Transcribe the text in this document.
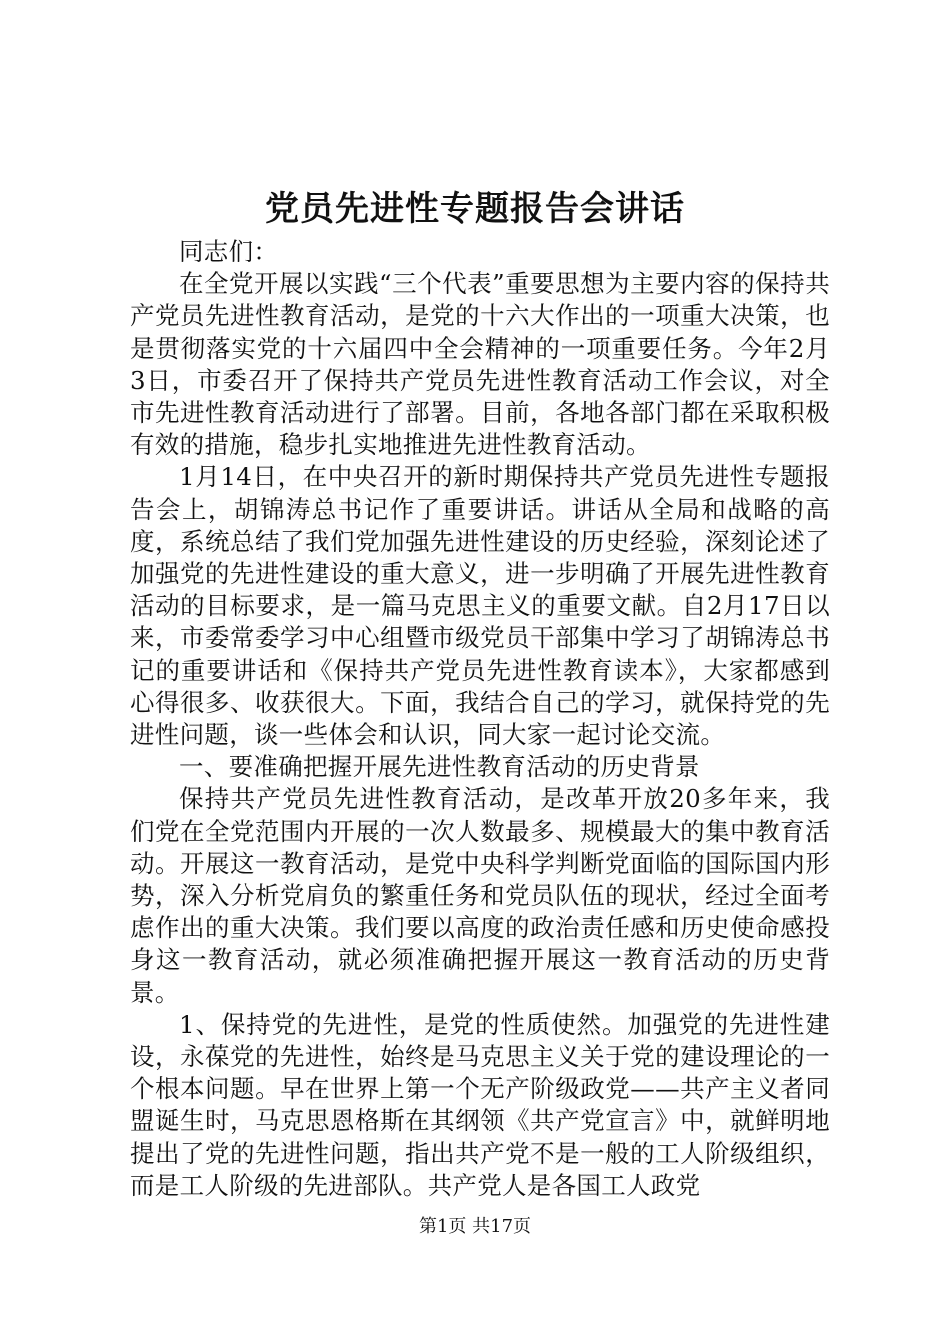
党员先进性专题报告会讲话

同志们：

在全党开展以实践“三个代表”重要思想为主要内容的保持共产党员先进性教育活动，是党的十六大作出的一项重大决策，也是贯彻落实党的十六届四中全会精神的一项重要任务。今年2月3日，市委召开了保持共产党员先进性教育活动工作会议，对全市先进性教育活动进行了部署。目前，各地各部门都在采取积极有效的措施，稳步扎实地推进先进性教育活动。

1月14日，在中央召开的新时期保持共产党员先进性专题报告会上，胡锦涛总书记作了重要讲话。讲话从全局和战略的高度，系统总结了我们党加强先进性建设的历史经验，深刻论述了加强党的先进性建设的重大意义，进一步明确了开展先进性教育活动的目标要求，是一篇马克思主义的重要文献。自2月17日以来，市委常委学习中心组暨市级党员干部集中学习了胡锦涛总书记的重要讲话和《保持共产党员先进性教育读本》，大家都感到心得很多、收获很大。下面，我结合自己的学习，就保持党的先进性问题，谈一些体会和认识，同大家一起讨论交流。

一、要准确把握开展先进性教育活动的历史背景

保持共产党员先进性教育活动，是改革开放20多年来，我们党在全党范围内开展的一次人数最多、规模最大的集中教育活动。开展这一教育活动，是党中央科学判断党面临的国际国内形势，深入分析党肩负的繁重任务和党员队伍的现状，经过全面考虑作出的重大决策。我们要以高度的政治责任感和历史使命感投身这一教育活动，就必须准确把握开展这一教育活动的历史背景。

1、保持党的先进性，是党的性质使然。加强党的先进性建设，永葆党的先进性，始终是马克思主义关于党的建设理论的一个根本问题。早在世界上第一个无产阶级政党——共产主义者同盟诞生时，马克思恩格斯在其纲领《共产党宣言》中，就鲜明地提出了党的先进性问题，指出共产党不是一般的工人阶级组织，而是工人阶级的先进部队。共产党人是各国工人政党

第1页 共17页
